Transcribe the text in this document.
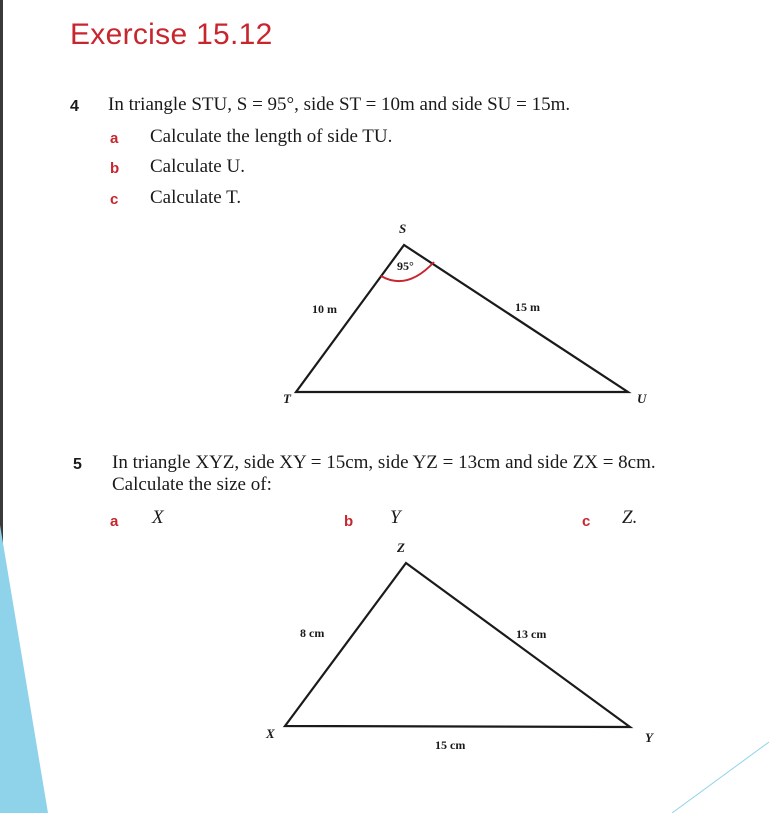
Exercise 15.12
4 In triangle STU, S = 95°, side ST = 10m and side SU = 15m.
a Calculate the length of side TU.
b Calculate U.
c Calculate T.
S
T	U
95°
10 m	15 m
5 In triangle XYZ, side XY = 15cm, side YZ = 13cm and side ZX = 8cm.
Calculate the size of:
a X	b Y	c Z.
Z
X	Y
8 cm	13 cm
15 cm
